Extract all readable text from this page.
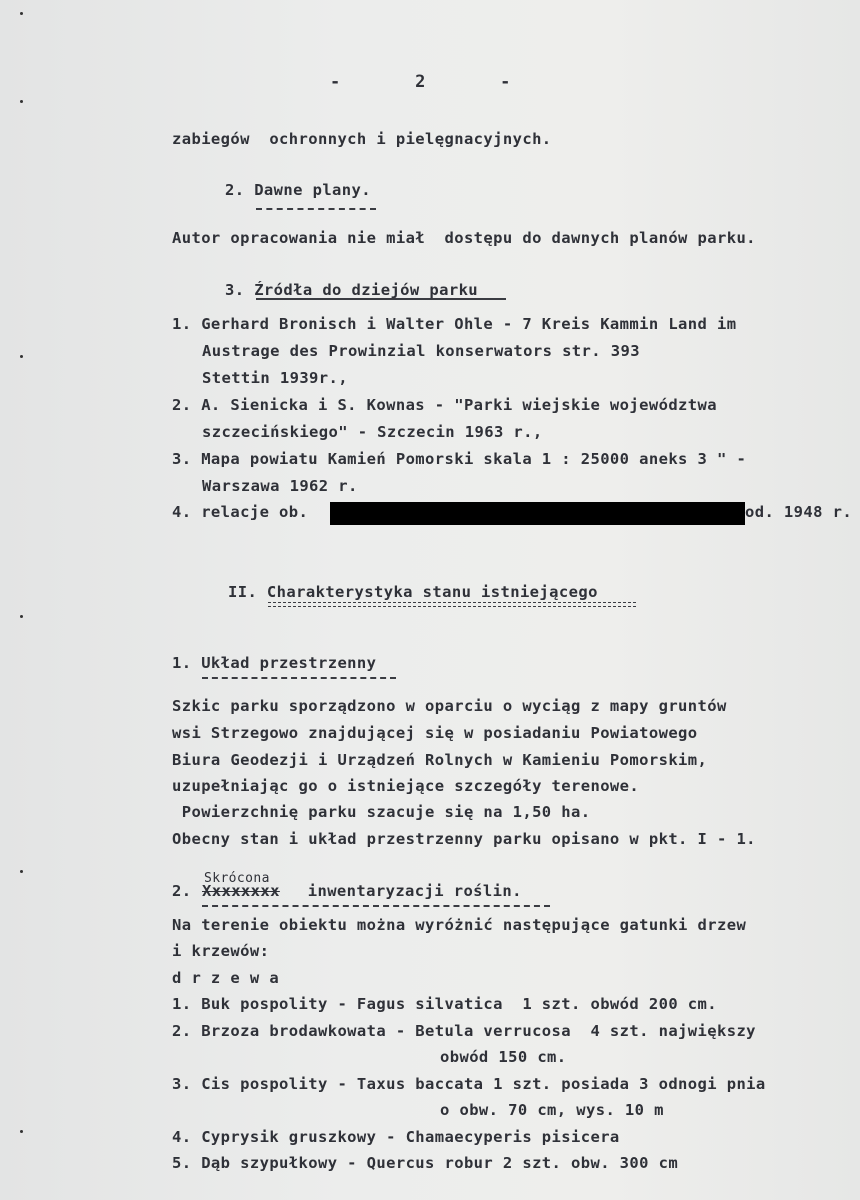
-       2       -
zabiegów  ochronnych i pielęgnacyjnych.
2. Dawne plany.
Autor opracowania nie miał  dostępu do dawnych planów parku.
3. Źródła do dziejów parku
1. Gerhard Bronisch i Walter Ohle - 7 Kreis Kammin Land im
Austrage des Prowinzial konserwators str. 393
Stettin 1939r.,
2. A. Sienicka i S. Kownas - "Parki wiejskie województwa
szczecińskiego" - Szczecin 1963 r.,
3. Mapa powiatu Kamień Pomorski skala 1 : 25000 aneks 3 " -
Warszawa 1962 r.
4. relacje ob.	od. 1948 r.
II. Charakterystyka stanu istniejącego
1. Układ przestrzenny
Szkic parku sporządzono w oparciu o wyciąg z mapy gruntów
wsi Strzegowo znajdującej się w posiadaniu Powiatowego
Biura Geodezji i Urządzeń Rolnych w Kamieniu Pomorskim,
uzupełniając go o istniejące szczegóły terenowe.
Powierzchnię parku szacuje się na 1,50 ha.
Obecny stan i układ przestrzenny parku opisano w pkt. I - 1.
Skrócona
2. Xxxxxxxx inwentaryzacji roślin.
Na terenie obiektu można wyróżnić następujące gatunki drzew
i krzewów:
d r z e w a
1. Buk pospolity - Fagus silvatica  1 szt. obwód 200 cm.
2. Brzoza brodawkowata - Betula verrucosa  4 szt. największy
obwód 150 cm.
3. Cis pospolity - Taxus baccata 1 szt. posiada 3 odnogi pnia
o obw. 70 cm, wys. 10 m
4. Cyprysik gruszkowy - Chamaecyperis pisicera
5. Dąb szypułkowy - Quercus robur 2 szt. obw. 300 cm
